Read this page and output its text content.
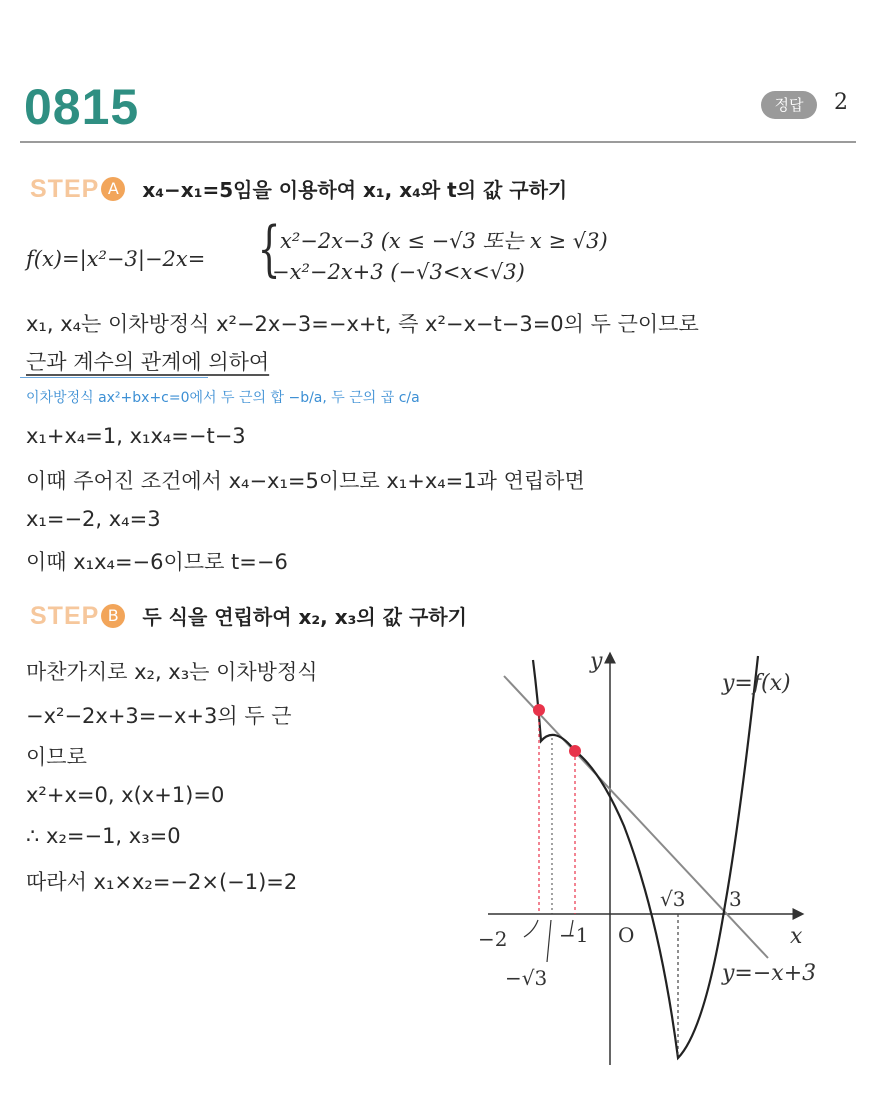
0815	정답	2
STEP A x₄−x₁=5임을 이용하여 x₁, x₄와 t의 값 구하기
f(x)=|x²−3|−2x= { x²−2x−3 (x ≤ −√3 또는 x ≥ √3)
−x²−2x+3 (−√3<x<√3)
x₁, x₄는 이차방정식 x²−2x−3=−x+t, 즉 x²−x−t−3=0의 두 근이므로
근과 계수의 관계에 의하여
이차방정식 ax²+bx+c=0에서 두 근의 합 −b/a, 두 근의 곱 c/a
x₁+x₄=1, x₁x₄=−t−3
이때 주어진 조건에서 x₄−x₁=5이므로 x₁+x₄=1과 연립하면
x₁=−2, x₄=3
이때 x₁x₄=−6이므로 t=−6
STEP B 두 식을 연립하여 x₂, x₃의 값 구하기
마찬가지로 x₂, x₃는 이차방정식
−x²−2x+3=−x+3의 두 근
이므로
x²+x=0, x(x+1)=0
∴ x₂=−1, x₃=0
따라서 x₁×x₂=−2×(−1)=2
y
x
O
y=f(x)
y=−x+3
−2	−1
−√3
√3 3
